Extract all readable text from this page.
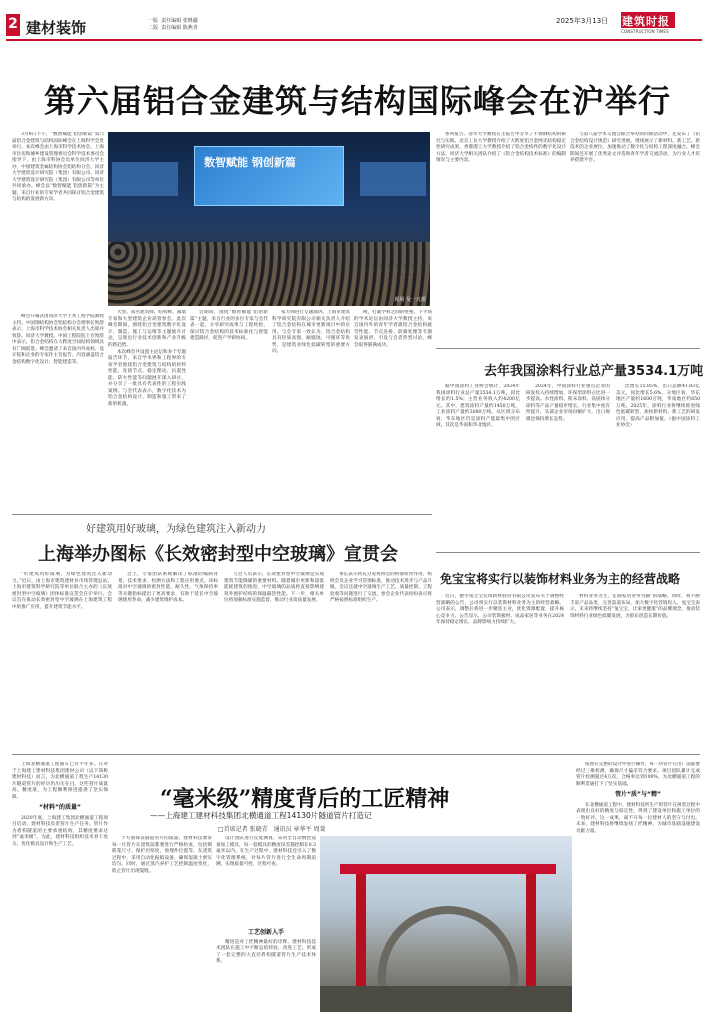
2 建材装饰	一版 责任编辑 张继疆
二版 责任编辑 陈燕青
2025年3月13日 建筑时报
CONSTRUCTION TIMES
第六届铝合金建筑与结构国际峰会在沪举行

3月8日下午，“数智赋能 铝创新篇”第六届铝合金建筑与结构国际峰会在上海科学会堂举行。本次峰会由上海市科学技术协会、上海市住房和城乡建设管理委员会科学技术委员会指导下，由上海市科协会员单位同济大学主办，中国建筑金属结构协会铝结构分会、同济大学建筑设计研究院（集团）有限公司、同济大学建筑设计研究院（集团）有限公司等单位共同承办。峰会以“数智赋能 铝创新篇”为主题，来自行业的专家学者共同探讨铝合金建筑与结构的发展新方向。

峰会开幕式由同济大学土木工程学院教授主持。中国钢结构协会铝结构分会理事长致辞表示，上海市科学技术协会相关负责人出席并致辞。同济大学教授、中国工程院院士在致辞中表示，铝合金结构在大跨度空间结构领域具有广阔前景。峰会邀请了来自国内外高校、设计院和企业的专家作主旨报告，内容涵盖铝合金结构数字化设计、智能建造等。

数智赋能 钢创新篇
现场 吴一凡摄

大型、知名建筑师、结构师、幕墙专家和大型建筑企业高管参会。此次峰会期间，围绕铝合金建筑数字化设计、制造、施工与运维等主题展开讨论，呈现出行业技术创新和产业升级的新趋势。

本次峰会共设置主论坛和多个专题报告环节，来自学术界和工程界的专家学者围绕铝合金建筑与结构的材料性能、连接节点、稳定理论、抗震性能、防火性能等问题展开深入研讨，并分享了一批具有代表性的工程实践案例。与会代表表示，数字化技术为铝合金结构设计、制造和施工带来了新的机遇。

会期间，围绕“数智赋能 铝创新篇”主题，来自行业的多位专家与会代表一起，分享研究成果与工程经验，探讨铝合金结构的技术标准化与智能建造路径，促进产学研协同。

家大师进行专题演讲。上海市建筑科学研究院有限公司相关负责人介绍了铝合金结构在城市更新项目中的应用。与会专家一致认为，铝合金结构具有轻质高强、耐腐蚀、可循环等优势，是建筑业绿色低碳转型的重要方向。

统，打破学科之间的壁垒。下半场的学术论坛由同济大学教授主持，来自国内外的青年学者就铝合金结构疲劳性能、节点连接、防腐处理等专题发表演讲，引发与会者热烈讨论，峰会取得圆满成功。

系列报告。清华大学教授在主报告中分享了不锈钢结构的研究与实践。北京工业大学教授介绍了大跨度铝合金网壳结构稳定性研究成果，香港理工大学教授介绍了铝合金构件的数字化设计方法，同济大学相关团队介绍了《铝合金结构技术标准》的编制情况与主要内容。

与第八届学术交流会联合举办的同期活动中，还发布了《铝合金结构设计规范》研究进展。现场展示了新材料、新工艺、新技术的企业展位，加速推动了数字化与结构工程深度融合。峰会期间还开展了优秀论文评选和青年学者交流活动，为行业人才培养搭建平台。

去年我国涂料行业总产量3534.1万吨

据中国涂料工业协会统计，2024年我国涂料行业总产量3534.1万吨，同比增长约1.5%；主营业务收入约4200亿元。其中，建筑涂料产量约1450万吨，工业涂料产量约2080万吨。从区域分布看，华东地区仍是涂料产能最集中的区域，其次是华南和华北地区。

2024年，中国涂料行业重点企业的研发投入持续增加，环保型涂料占比进一步提高。水性涂料、粉末涂料、高固体分涂料等产品产量稳步增长。行业集中度有所提升，头部企业市场份额扩大，出口规模也保持增长态势。

比增长15.85%，出口总额41.83亿美元，同比增长5.6%。分地区看，华东地区产量约1600万吨，华南地区约650万吨。2025年，涂料行业将继续推进绿色低碳转型，加快新材料、新工艺的研发应用，提高产品附加值。（据中国涂料工业协会）

好建筑用好玻璃，为绿色建筑注入新动力
上海举办图标《长效密封型中空玻璃》宣贯会

“好建筑用好玻璃，为绿色建筑注入新动力。”近日，由上海市建筑建材业市场管理总站、上海市建筑科学研究院等单位联合主办的《长效密封型中空玻璃》团体标准宣贯会在沪举行。会议旨在推动长效密封型中空玻璃在上海建筑工程中的推广应用，提升建筑节能水平。

会上，专家团队系统解读了标准的编制背景、技术要求、检测方法和工程应用要点。该标准对中空玻璃的密封性能、耐久性、气体保持率等关键指标提出了更高要求，有助于延长中空玻璃使用寿命，减少建筑维护成本。

与会人员表示，长效密封型中空玻璃是实现建筑节能降碳的重要材料。随着城市更新和超低能耗建筑的推进，中空玻璃的品质将直接影响建筑外围护结构的保温隔热性能。下一步，相关单位将加强标准实施监督，推动行业高质量发展。

事长表示将充分发挥协会的桥梁纽带作用，组织会员企业学习贯彻标准，推动技术进步与产品升级。会议还就中空玻璃生产工艺、质量控制、工程验收等问题进行了交流，参会企业代表纷纷表示将严格按照标准组织生产。

免宝宝将实行以装饰材料业务为主的经营战略

近日，德华兔宝宝装饰新材股份有限公司发布关于调整经营战略的公告，公司将实行以装饰材料业务为主的经营战略。公司表示，调整后将进一步聚焦主业，优化资源配置，提升核心竞争力。公告显示，公司装饰板材、成品家居等业务在2024年保持稳定增长，品牌影响力持续扩大。

材料业务为主，定制家居业务为辅”的战略。同时，将不断丰富产品品类，完善渠道布局，加大数字化营销投入。兔宝宝表示，未来将继续坚持“兔宝宝，让家更健康”的品牌理念，推动装饰材料行业绿色低碳发展，为股东创造长期价值。

上海北横通道工程通车已有半年多。在对于上海建工建材科技集团建材公司（以下简称建材科技）而言，为北横通道工程生产14130片隧道管片的经历仍历历在目。这些管片质量高、精度准，为工程顺利推进提供了坚实保障。

“材料”的质量”

2020年底，上海建工集团北横通道工程项目启动，建材科技负责管片生产任务。管片作为盾构隧道的主要承重结构，其精度要求达到“毫米级”。为此，建材科技组织技术骨干攻关，优化模具设计和生产工艺。

“毫米级”精度背后的工匠精神
——上海建工建材科技集团北横通道工程14130片隧道管片打造记
□首席记者 张晓青　通讯员 章华平 周斐

个方面保证隧道管片的质量。建材科技要求每一片管片在浇筑前都要进行严格检查，包括钢筋笼尺寸、保护层厚度、预埋件位置等。在浇筑过程中，采用自动化振捣设备，确保混凝土密实均匀。同时，通过蒸汽养护工艺控制温度变化，防止管片出现裂缝。

设计团队进行反复测算，采用全自动数控设备加工模具，每一套模具的精度误差都控制在0.3毫米以内。在生产过程中，建材科技还引入了数字化管理系统，对每片管片进行全生命周期追溯，实现质量可控、过程可查。

工艺创新入手

精进是对工匠精神最好的诠释。建材科技技术团队在施工中不断总结经验，改进工艺，形成了一套完整的大直径盾构隧道管片生产技术体系。

按照在完整的设计中进行操作，每一块管片在出厂前都要经过三维检测，确保尺寸偏差符合要求。项目团队累计完成管片检测超过4万次，合格率达到100%，为北横通道工程的顺利贯通打下了坚实基础。

管片“质”与“精”

在北横通道工程中，建材科技所生产的管片在拼装过程中表现出良好的精度与稳定性，得到了建设单位和施工单位的一致好评。这一成果，离不开每一位建材人的坚守与付出。未来，建材科技将继续发扬工匠精神，为城市基础设施建设贡献力量。
